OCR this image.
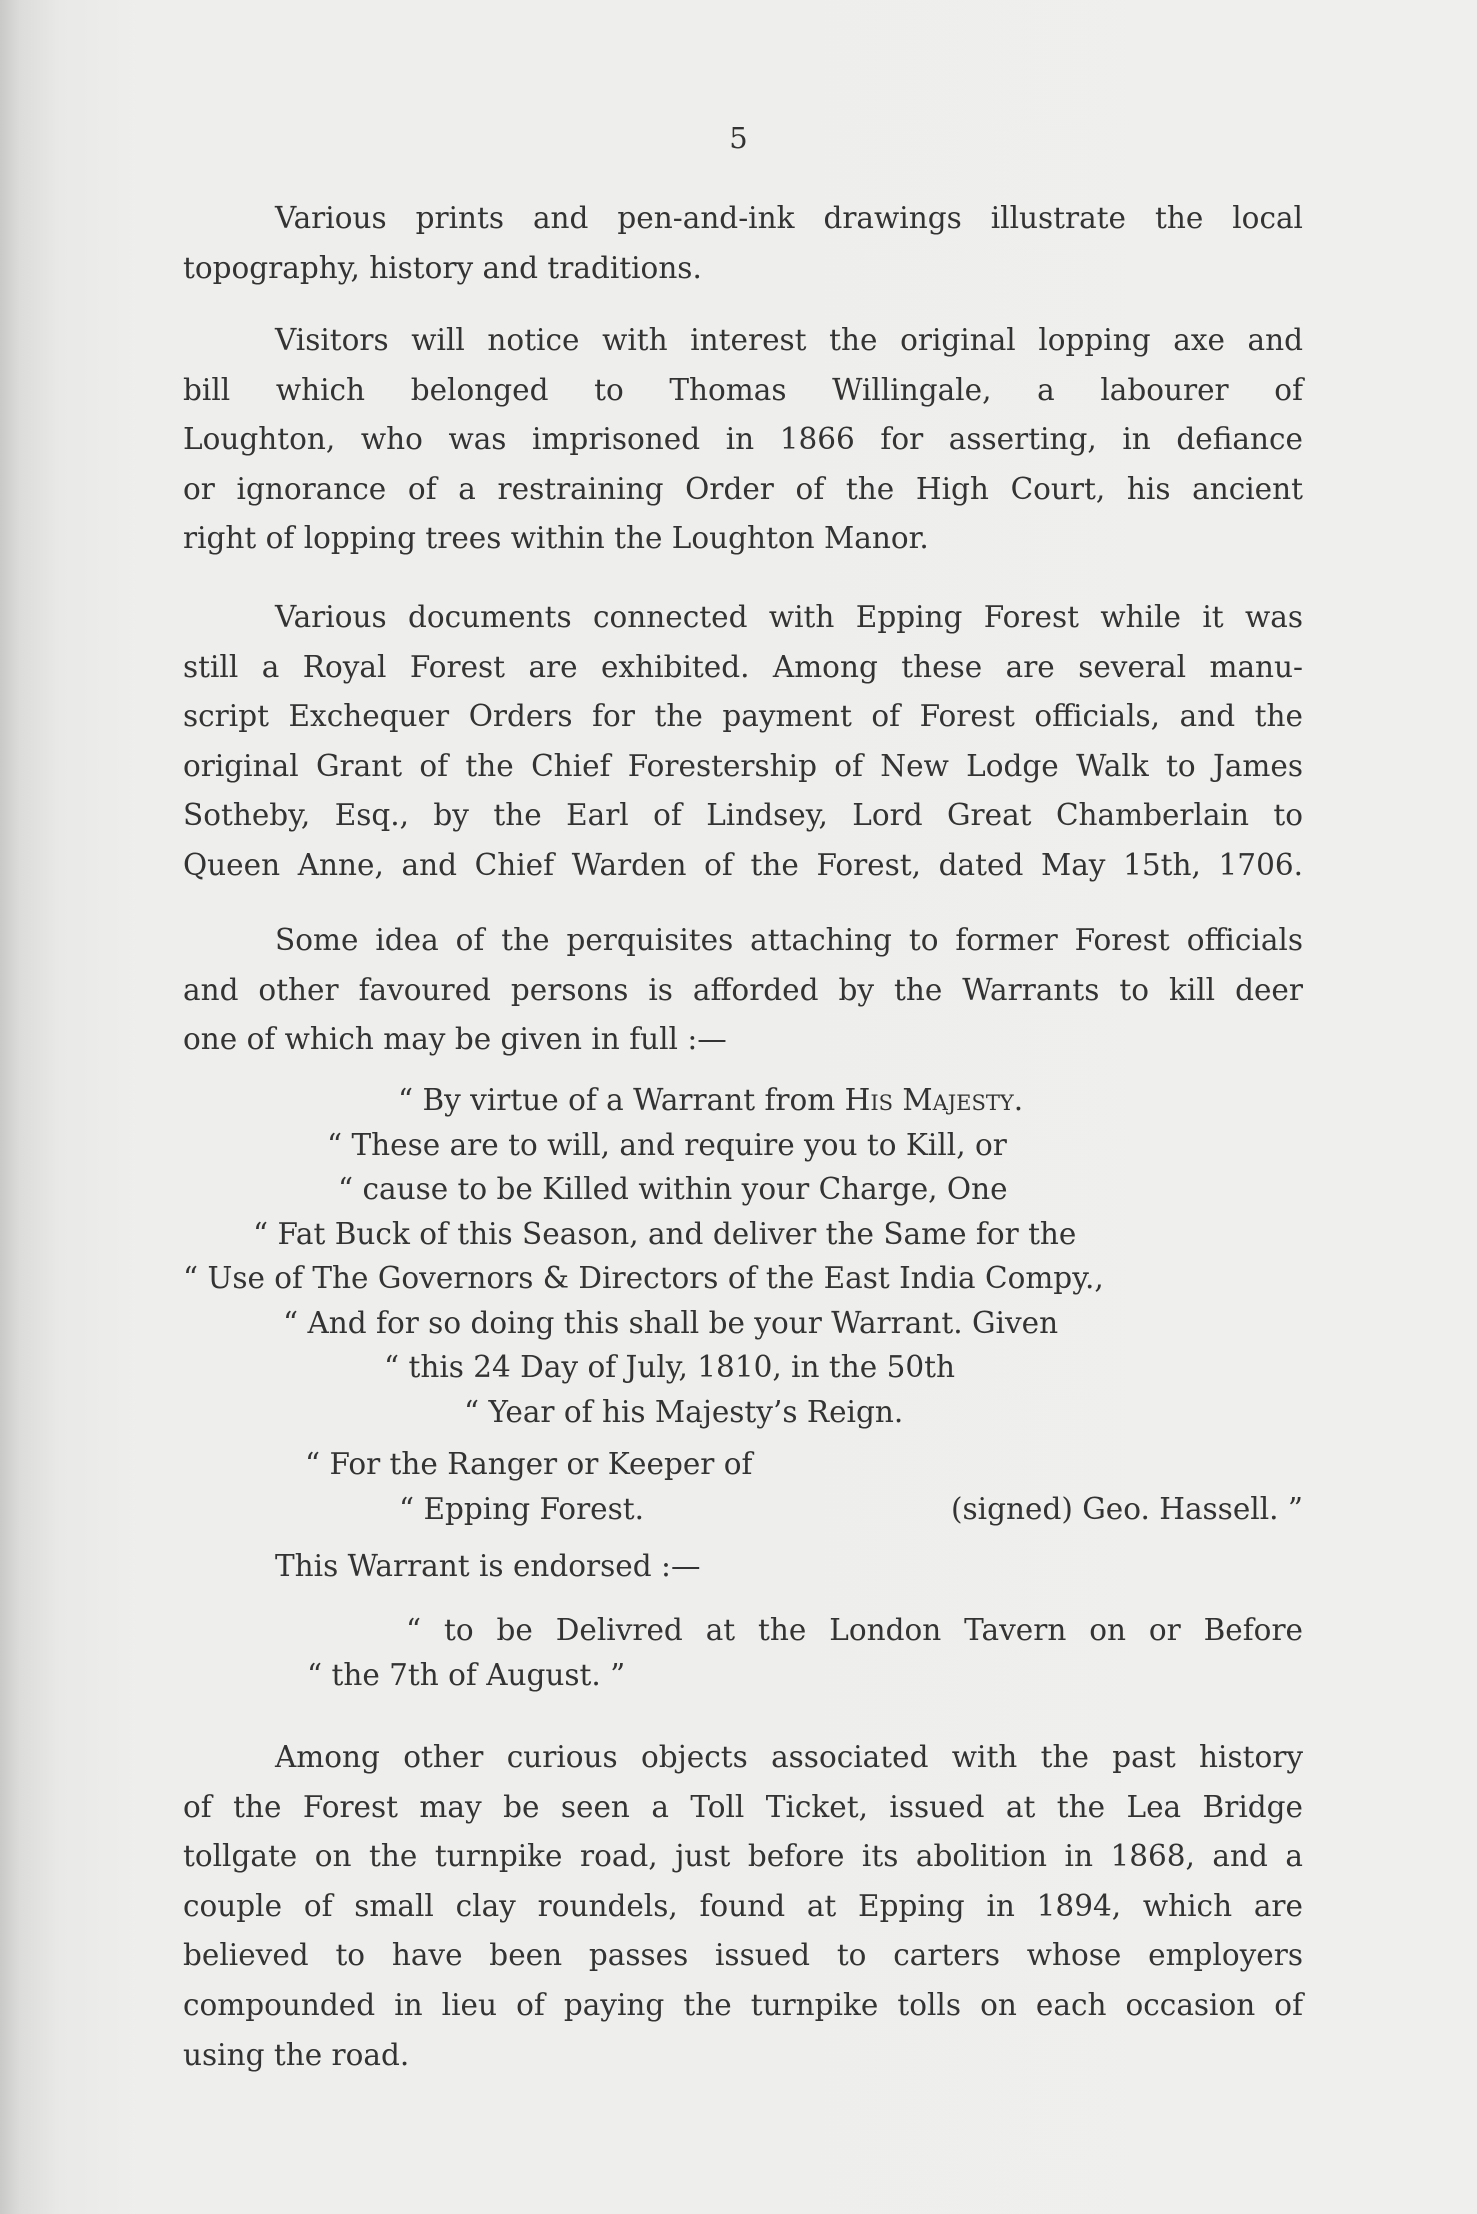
5
Various prints and pen-and-ink drawings illustrate the local
topography, history and traditions.
Visitors will notice with interest the original lopping axe and
bill which belonged to Thomas Willingale, a labourer of
Loughton, who was imprisoned in 1866 for asserting, in defiance
or ignorance of a restraining Order of the High Court, his ancient
right of lopping trees within the Loughton Manor.
Various documents connected with Epping Forest while it was
still a Royal Forest are exhibited. Among these are several manu-
script Exchequer Orders for the payment of Forest officials, and the
original Grant of the Chief Forestership of New Lodge Walk to James
Sotheby, Esq., by the Earl of Lindsey, Lord Great Chamberlain to
Queen Anne, and Chief Warden of the Forest, dated May 15th, 1706.
Some idea of the perquisites attaching to former Forest officials
and other favoured persons is afforded by the Warrants to kill deer
one of which may be given in full :—
“ By virtue of a Warrant from His Majesty.
“ These are to will, and require you to Kill, or
“ cause to be Killed within your Charge, One
“ Fat Buck of this Season, and deliver the Same for the
“ Use of The Governors & Directors of the East India Compy.,
“ And for so doing this shall be your Warrant. Given
“ this 24 Day of July, 1810, in the 50th
“ Year of his Majesty’s Reign.
“ For the Ranger or Keeper of
“ Epping Forest.	(signed) Geo. Hassell. ”
This Warrant is endorsed :—
“ to be Delivred at the London Tavern on or Before
“ the 7th of August. ”
Among other curious objects associated with the past history
of the Forest may be seen a Toll Ticket, issued at the Lea Bridge
tollgate on the turnpike road, just before its abolition in 1868, and a
couple of small clay roundels, found at Epping in 1894, which are
believed to have been passes issued to carters whose employers
compounded in lieu of paying the turnpike tolls on each occasion of
using the road.
